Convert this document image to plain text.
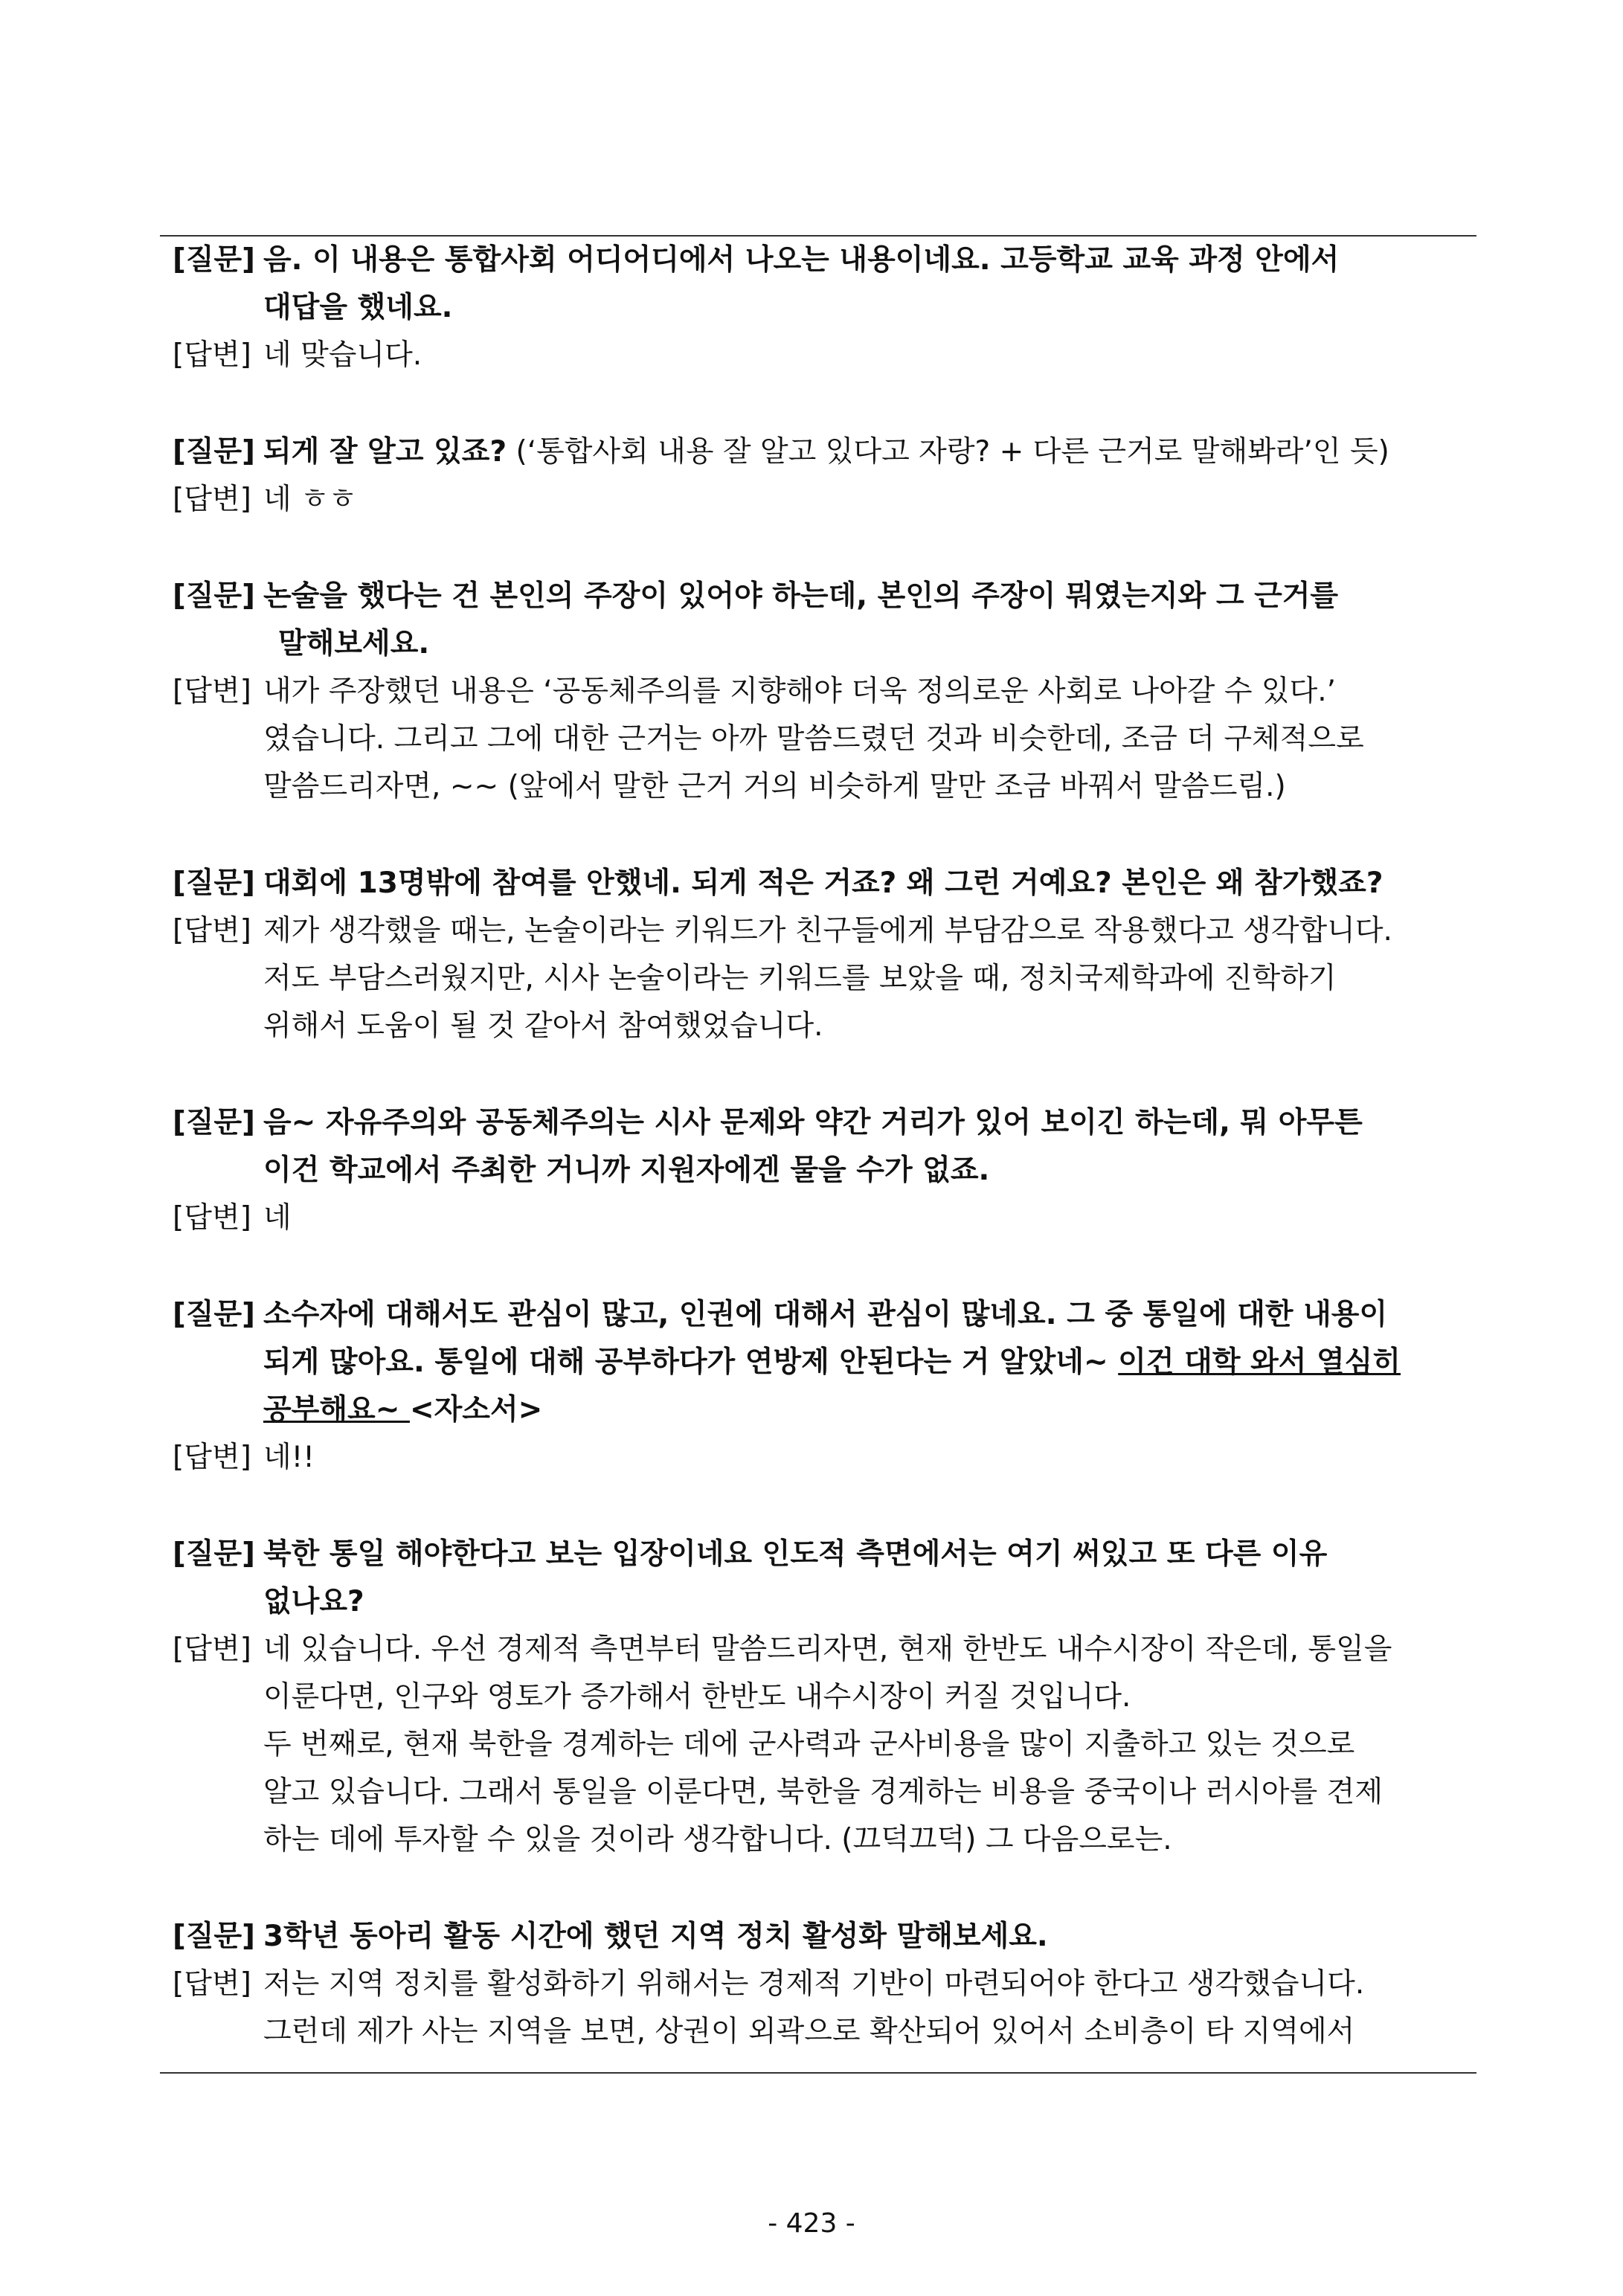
[질문] 음. 이 내용은 통합사회 어디어디에서 나오는 내용이네요. 고등학교 교육 과정 안에서
대답을 했네요.
[답변] 네 맞습니다.
[질문] 되게 잘 알고 있죠? (‘통합사회 내용 잘 알고 있다고 자랑? + 다른 근거로 말해봐라’인 듯)
[답변] 네 ㅎㅎ
[질문] 논술을 했다는 건 본인의 주장이 있어야 하는데, 본인의 주장이 뭐였는지와 그 근거를
말해보세요.
[답변] 내가 주장했던 내용은 ‘공동체주의를 지향해야 더욱 정의로운 사회로 나아갈 수 있다.’
였습니다. 그리고 그에 대한 근거는 아까 말씀드렸던 것과 비슷한데, 조금 더 구체적으로
말씀드리자면, ~~ (앞에서 말한 근거 거의 비슷하게 말만 조금 바꿔서 말씀드림.)
[질문] 대회에 13명밖에 참여를 안했네. 되게 적은 거죠? 왜 그런 거예요? 본인은 왜 참가했죠?
[답변] 제가 생각했을 때는, 논술이라는 키워드가 친구들에게 부담감으로 작용했다고 생각합니다.
저도 부담스러웠지만, 시사 논술이라는 키워드를 보았을 때, 정치국제학과에 진학하기
위해서 도움이 될 것 같아서 참여했었습니다.
[질문] 음~ 자유주의와 공동체주의는 시사 문제와 약간 거리가 있어 보이긴 하는데, 뭐 아무튼
이건 학교에서 주최한 거니까 지원자에겐 물을 수가 없죠.
[답변] 네
[질문] 소수자에 대해서도 관심이 많고, 인권에 대해서 관심이 많네요. 그 중 통일에 대한 내용이
되게 많아요. 통일에 대해 공부하다가 연방제 안된다는 거 알았네~ 이건 대학 와서 열심히
공부해요~ <자소서>
[답변] 네!!
[질문] 북한 통일 해야한다고 보는 입장이네요 인도적 측면에서는 여기 써있고 또 다른 이유
없나요?
[답변] 네 있습니다. 우선 경제적 측면부터 말씀드리자면, 현재 한반도 내수시장이 작은데, 통일을
이룬다면, 인구와 영토가 증가해서 한반도 내수시장이 커질 것입니다.
두 번째로, 현재 북한을 경계하는 데에 군사력과 군사비용을 많이 지출하고 있는 것으로
알고 있습니다. 그래서 통일을 이룬다면, 북한을 경계하는 비용을 중국이나 러시아를 견제
하는 데에 투자할 수 있을 것이라 생각합니다. (끄덕끄덕) 그 다음으로는.
[질문] 3학년 동아리 활동 시간에 했던 지역 정치 활성화 말해보세요.
[답변] 저는 지역 정치를 활성화하기 위해서는 경제적 기반이 마련되어야 한다고 생각했습니다.
그런데 제가 사는 지역을 보면, 상권이 외곽으로 확산되어 있어서 소비층이 타 지역에서
- 423 -
